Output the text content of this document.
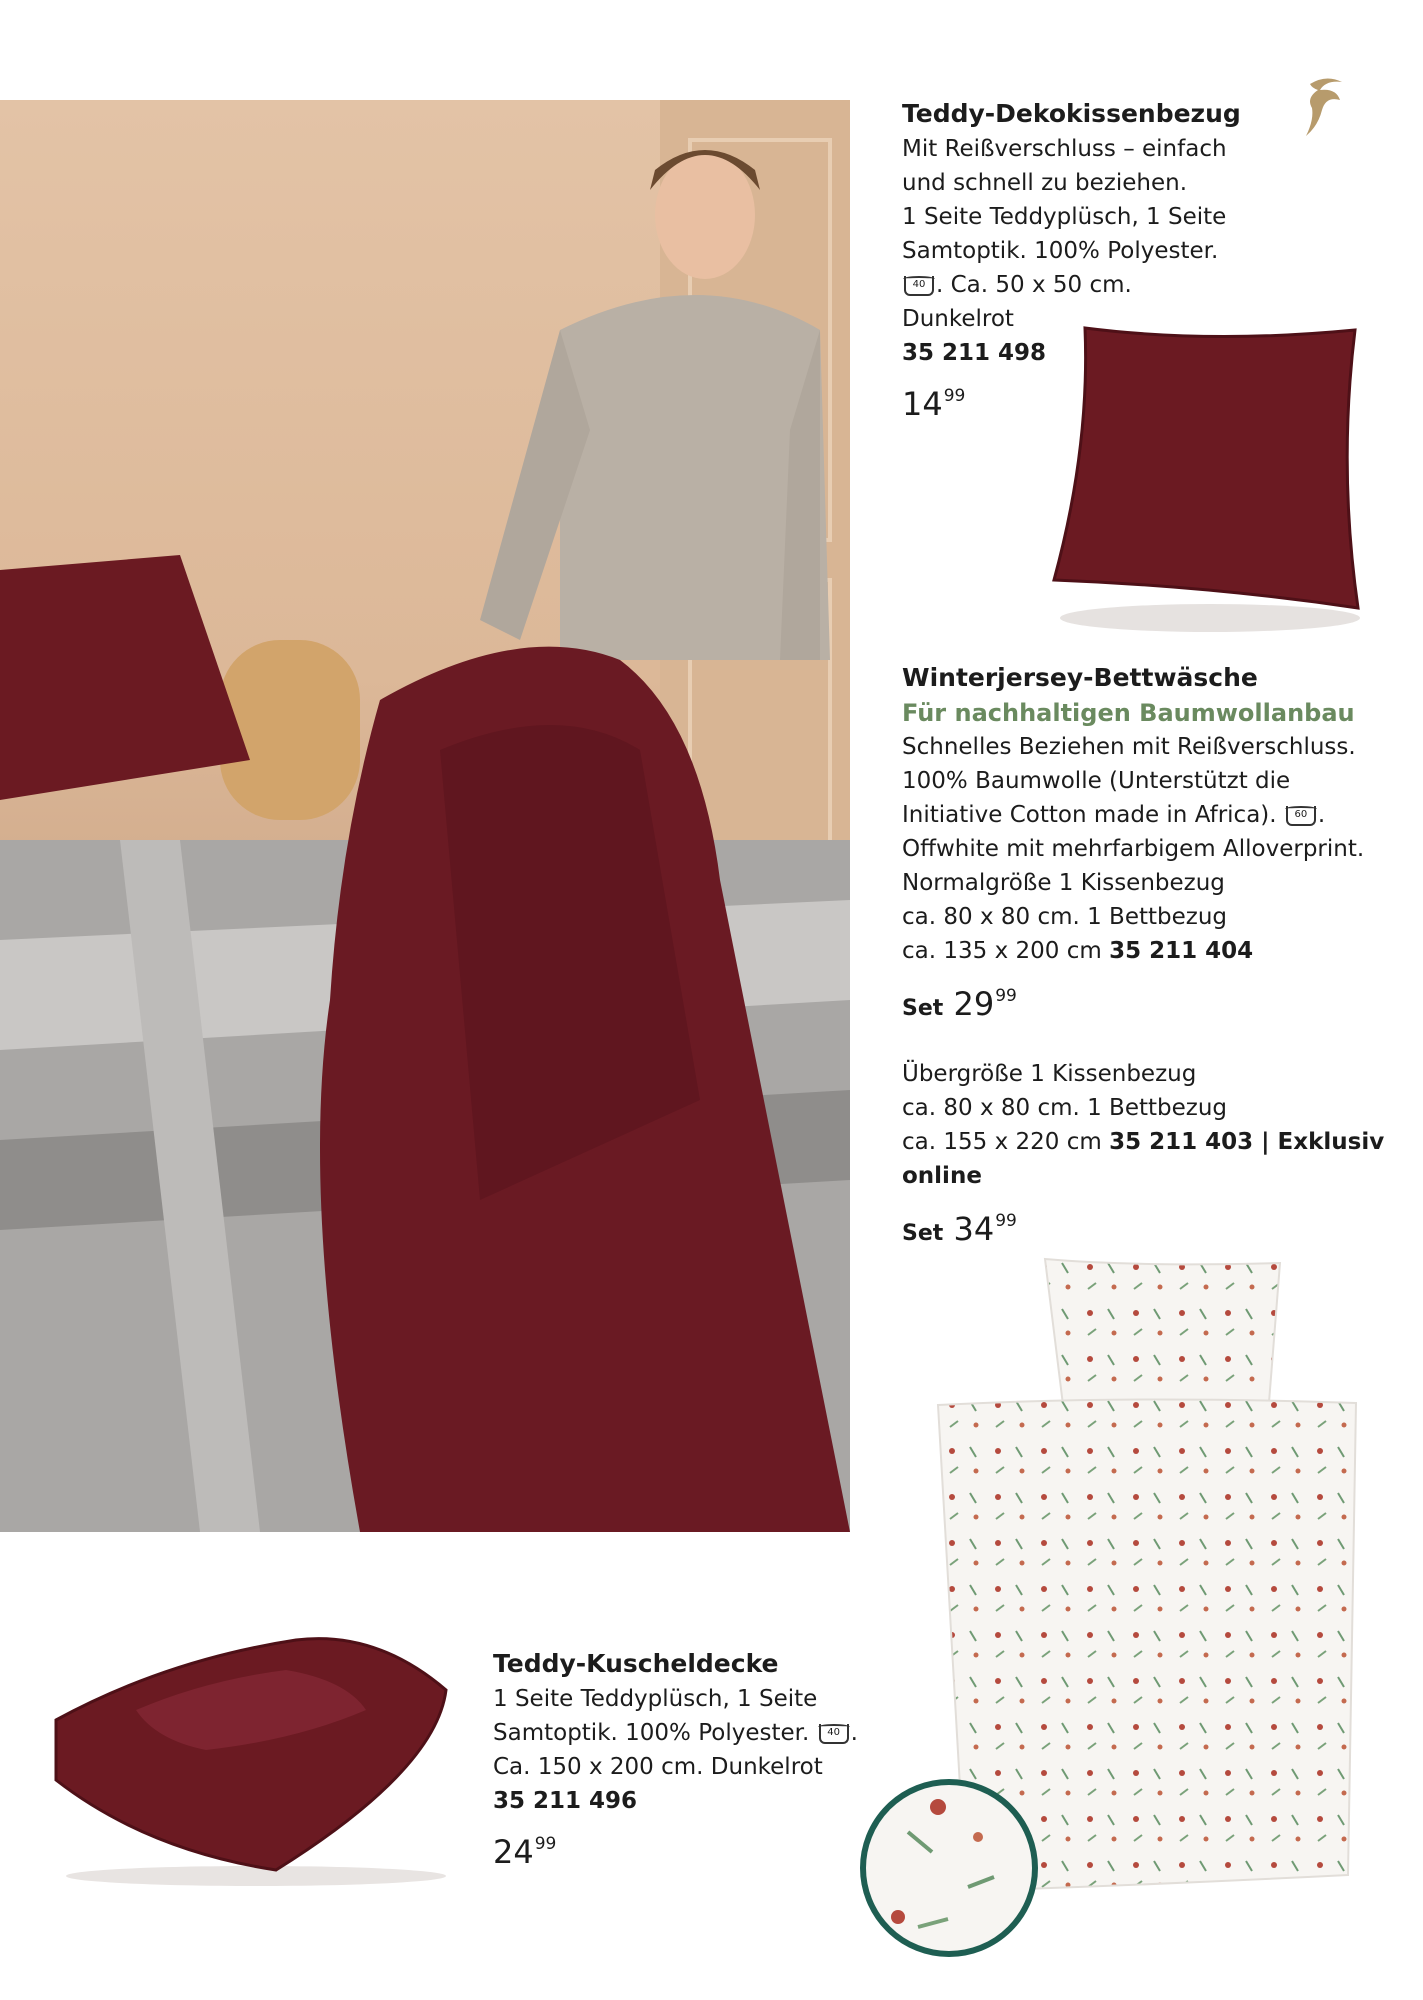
Teddy-Dekokissenbezug
Mit Reißverschluss – einfach
und schnell zu beziehen.
1 Seite Teddyplüsch, 1 Seite
Samtoptik. 100% Polyester.
40 . Ca. 50 x 50 cm.
Dunkelrot
35 211 498
$14^{99}$
Winterjersey-Bettwäsche
Für nachhaltigen Baumwollanbau
Schnelles Beziehen mit Reißverschluss.
100% Baumwolle (Unterstützt die
Initiative Cotton made in Africa). 60 .
Offwhite mit mehrfarbigem Alloverprint.
Normalgröße 1 Kissenbezug
ca. 80 x 80 cm. 1 Bettbezug
ca. 135 x 200 cm 35 211 404
Set $29^{99}$
Übergröße 1 Kissenbezug
ca. 80 x 80 cm. 1 Bettbezug
ca. 155 x 220 cm 35 211 403 | Exklusiv
online
Set $34^{99}$
Teddy-Kuscheldecke
1 Seite Teddyplüsch, 1 Seite
Samtoptik. 100% Polyester. 40 .
Ca. 150 x 200 cm. Dunkelrot
35 211 496
$24^{99}$
